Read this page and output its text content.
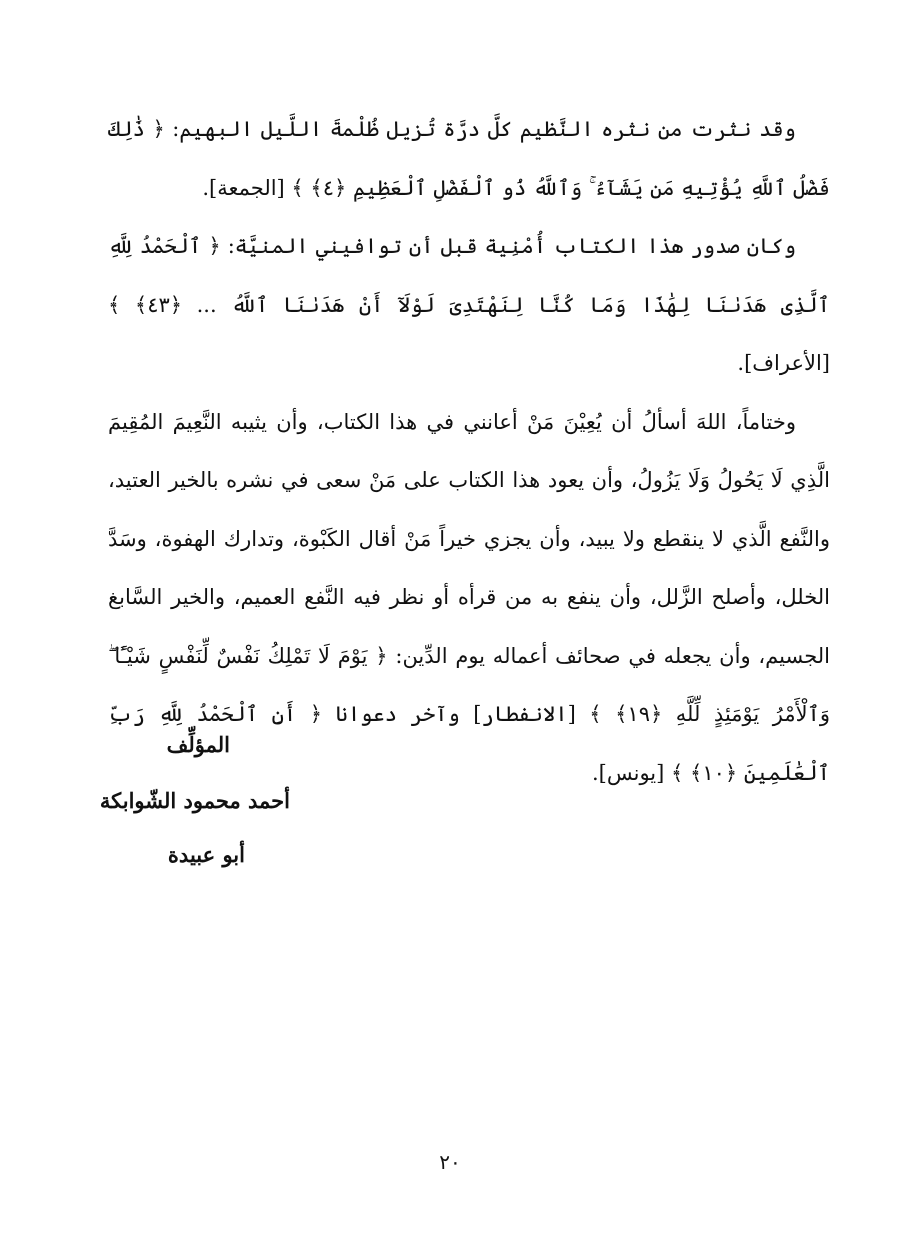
وقد نثرت من نثره النَّظيم كلَّ درَّة تُزيل ظُلْمةَ اللَّيل البهيم: ﴿ ذَٰلِكَ فَضْلُ ٱللَّهِ يُؤْتِيهِ مَن يَشَآءُ ۚ وَٱللَّهُ ذُو ٱلْفَضْلِ ٱلْعَظِيمِ ﴿٤﴾ ﴾ [الجمعة].

وكان صدور هذا الكتاب أُمْنِية قبل أن توافيني المنيَّة: ﴿ ٱلْحَمْدُ لِلَّهِ ٱلَّذِى هَدَىٰنَا لِهَٰذَا وَمَا كُنَّا لِنَهْتَدِىَ لَوْلَآ أَنْ هَدَىٰنَا ٱللَّهُ ... ﴿٤٣﴾ ﴾ [الأعراف].

وختاماً، اللهَ أسألُ أن يُعِيْنَ مَنْ أعانني في هذا الكتاب، وأن يثيبه النَّعِيمَ المُقِيمَ الَّذِي لَا يَحُولُ وَلَا يَزُولُ، وأن يعود هذا الكتاب على مَنْ سعى في نشره بالخير العتيد، والنَّفع الَّذي لا ينقطع ولا يبيد، وأن يجزي خيراً مَنْ أقال الكَبْوة، وتدارك الهفوة، وسَدَّ الخلل، وأصلح الزَّلل، وأن ينفع به من قرأه أو نظر فيه النَّفع العميم، والخير السَّابغ الجسيم، وأن يجعله في صحائف أعماله يوم الدِّين: ﴿ يَوْمَ لَا تَمْلِكُ نَفْسٌ لِّنَفْسٍ شَيْـًٔا ۖ وَٱلْأَمْرُ يَوْمَئِذٍ لِّلَّهِ ﴿١٩﴾ ﴾ [الانفطار] وآخر دعوانا ﴿ أَنِ ٱلْحَمْدُ لِلَّهِ رَبِّ ٱلْعَٰلَمِينَ ﴿١٠﴾ ﴾ [يونس].

المؤلِّف
أحمد محمود الشّوابكة
أبو عبيدة
٢٠
